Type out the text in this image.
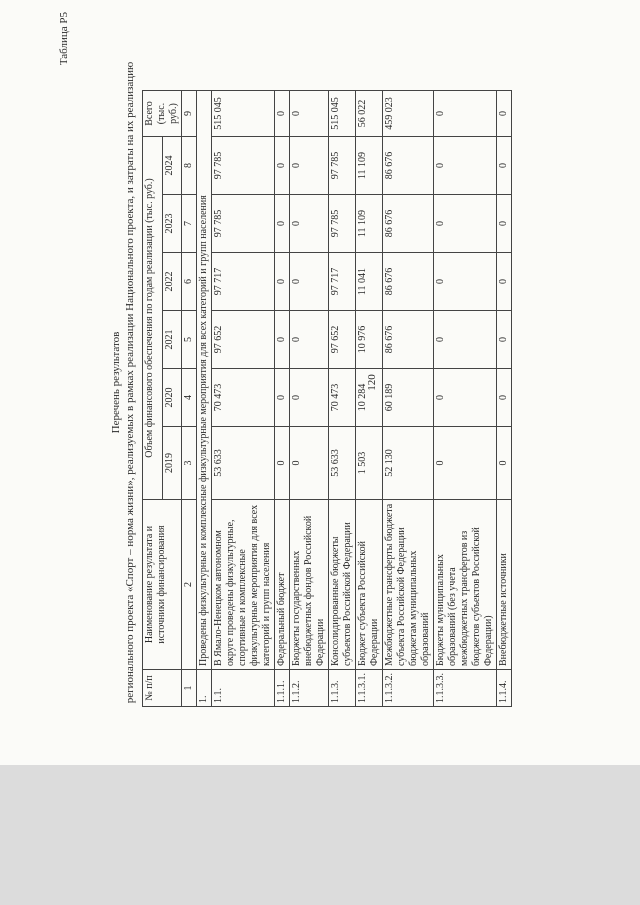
120
Таблица Р5
Перечень результатов регионального проекта «Спорт – норма жизни», реализуемых в рамках реализации Национального проекта, и затраты на их реализацию № п/п	Наименование результата и источники финансирования	Объем финансового обеспечения по годам реализации (тыс. руб.)						Всего (тыс. руб.)
		2019	2020	2021	2022	2023	2024	
1	2	3	4	5	6	7	8	9
1.	Проведены физкультурные и комплексные физкультурные мероприятия для всех категорий и групп населения							
1.1.	В Ямало-Ненецком автономном округе проведены физкультурные, спортивные и комплексные физкультурные мероприятия для всех категорий и групп населения	53 633	70 473	97 652	97 717	97 785	97 785	515 045
1.1.1.	Федеральный бюджет	0	0	0	0	0	0	0
1.1.2.	Бюджеты государственных внебюджетных фондов Российской Федерации	0	0	0	0	0	0	0
1.1.3.	Консолидированные бюджеты субъектов Российской Федерации	53 633	70 473	97 652	97 717	97 785	97 785	515 045
1.1.3.1.	Бюджет субъекта Российской Федерации	1 503	10 284	10 976	11 041	11 109	11 109	56 022
1.1.3.2.	Межбюджетные трансферты бюджета субъекта Российской Федерации бюджетам муниципальных образований	52 130	60 189	86 676	86 676	86 676	86 676	459 023
1.1.3.3.	Бюджеты муниципальных образований (без учета межбюджетных трансфертов из бюджетов субъектов Российской Федерации)	0	0	0	0	0	0	0
1.1.4.	Внебюджетные источники	0	0	0	0	0	0	0
